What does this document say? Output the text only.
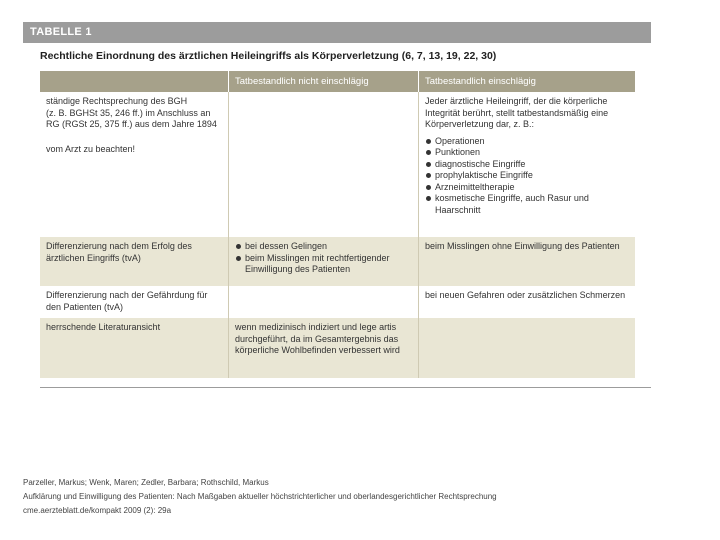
TABELLE 1
Rechtliche Einordnung des ärztlichen Heileingriffs als Körperverletzung (6, 7, 13, 19, 22, 30)
Tatbestandlich nicht einschlägig	Tatbestandlich einschlägig
ständige Rechtsprechung des BGH
(z. B. BGHSt 35, 246 ff.) im Anschluss an
RG (RGSt 25, 375 ff.) aus dem Jahre 1894
vom Arzt zu beachten!
Jeder ärztliche Heileingriff, der die körperliche Integrität berührt, stellt tatbestandsmäßig eine Körperverletzung dar, z. B.:
Operationen
Punktionen
diagnostische Eingriffe
prophylaktische Eingriffe
Arzneimitteltherapie
kosmetische Eingriffe, auch Rasur und Haarschnitt
Differenzierung nach dem Erfolg des ärztlichen Eingriffs (tvA)
bei dessen Gelingen
beim Misslingen mit rechtfertigender Einwilligung des Patienten
beim Misslingen ohne Einwilligung des Patienten
Differenzierung nach der Gefährdung für den Patienten (tvA)
bei neuen Gefahren oder zusätzlichen Schmerzen
herrschende Literaturansicht	wenn medizinisch indiziert und lege artis durchgeführt, da im Gesamtergebnis das körperliche Wohlbefinden verbessert wird
Parzeller, Markus; Wenk, Maren; Zedler, Barbara; Rothschild, Markus
Aufklärung und Einwilligung des Patienten: Nach Maßgaben aktueller höchstrichterlicher und oberlandesgerichtlicher Rechtsprechung
cme.aerzteblatt.de/kompakt 2009 (2): 29a
